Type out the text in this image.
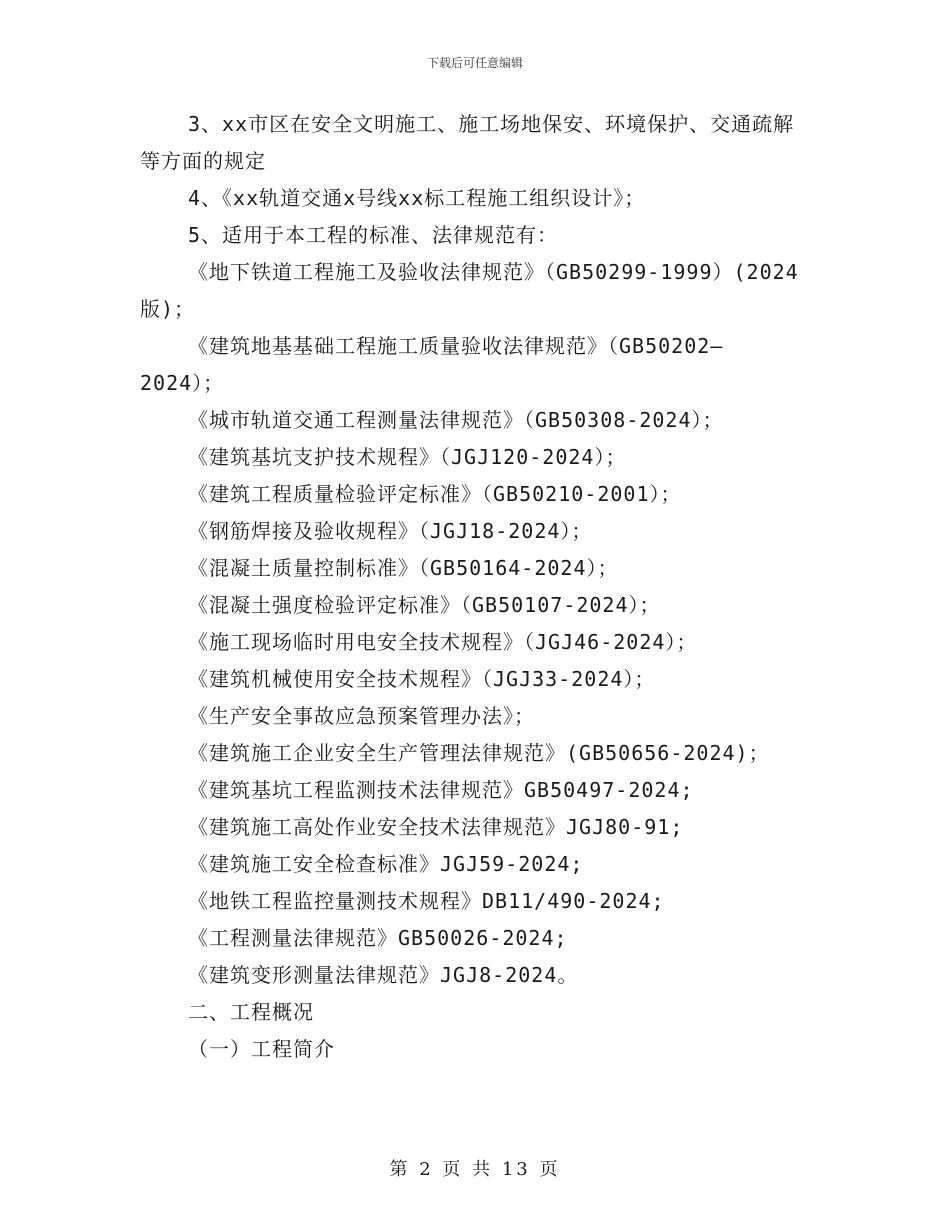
下载后可任意编辑
3、xx市区在安全文明施工、施工场地保安、环境保护、交通疏解
等方面的规定
4、《xx轨道交通x号线xx标工程施工组织设计》；
5、适用于本工程的标准、法律规范有：
《地下铁道工程施工及验收法律规范》（GB50299-1999）(2024
版)；
《建筑地基基础工程施工质量验收法律规范》（GB50202—
2024）；
《城市轨道交通工程测量法律规范》（GB50308-2024）；
《建筑基坑支护技术规程》（JGJ120-2024）；
《建筑工程质量检验评定标准》（GB50210-2001）；
《钢筋焊接及验收规程》（JGJ18-2024）；
《混凝土质量控制标准》（GB50164-2024）；
《混凝土强度检验评定标准》（GB50107-2024）；
《施工现场临时用电安全技术规程》（JGJ46-2024）；
《建筑机械使用安全技术规程》（JGJ33-2024）；
《生产安全事故应急预案管理办法》；
《建筑施工企业安全生产管理法律规范》(GB50656-2024)；
《建筑基坑工程监测技术法律规范》GB50497-2024;
《建筑施工高处作业安全技术法律规范》JGJ80-91;
《建筑施工安全检查标准》JGJ59-2024;
《地铁工程监控量测技术规程》DB11/490-2024;
《工程测量法律规范》GB50026-2024;
《建筑变形测量法律规范》JGJ8-2024。
二、工程概况
（一）工程简介
第 2 页 共 13 页
